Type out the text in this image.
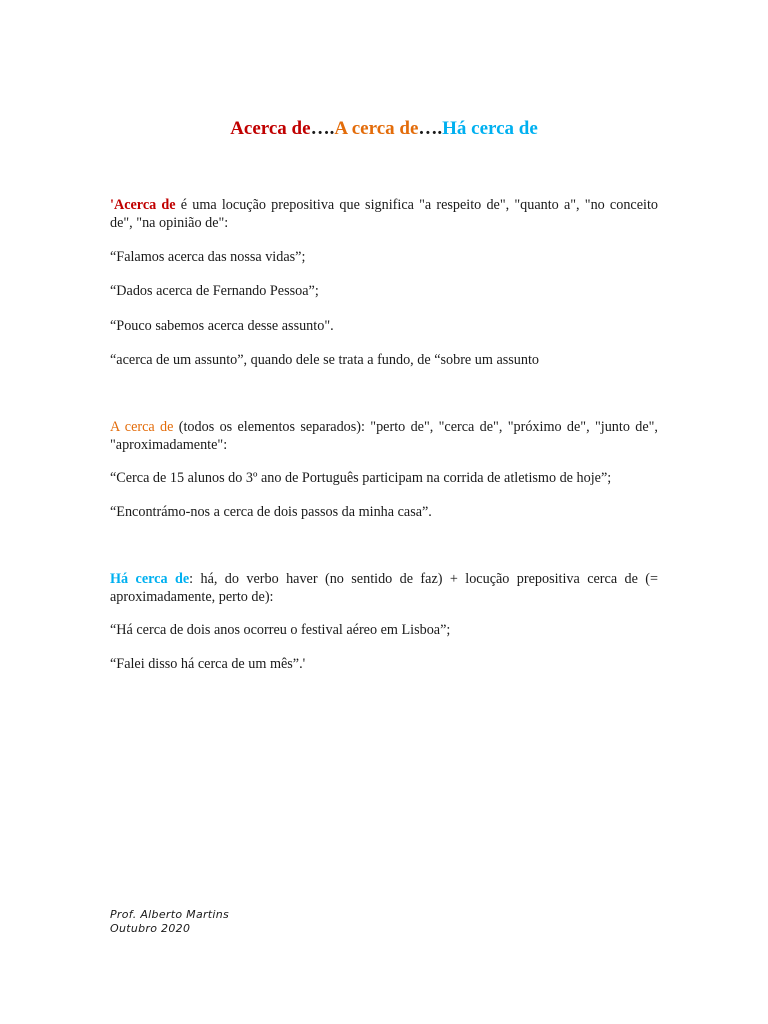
Acerca de….A cerca de….Há cerca de

'Acerca de é uma locução prepositiva que significa "a respeito de", "quanto a", "no conceito de", "na opinião de":

“Falamos acerca das nossa vidas”;

“Dados acerca de Fernando Pessoa”;

“Pouco sabemos acerca desse assunto".

“acerca de um assunto”, quando dele se trata a fundo, de “sobre um assunto

A cerca de (todos os elementos separados): "perto de", "cerca de", "próximo de", "junto de", "aproximadamente":

“Cerca de 15 alunos do 3º ano de Português participam na corrida de atletismo de hoje”;

“Encontrámo-nos a cerca de dois passos da minha casa”.

Há cerca de: há, do verbo haver (no sentido de faz) + locução prepositiva cerca de (= aproximadamente, perto de):

“Há cerca de dois anos ocorreu o festival aéreo em Lisboa”;

“Falei disso há cerca de um mês”.'

Prof. Alberto Martins
Outubro 2020
